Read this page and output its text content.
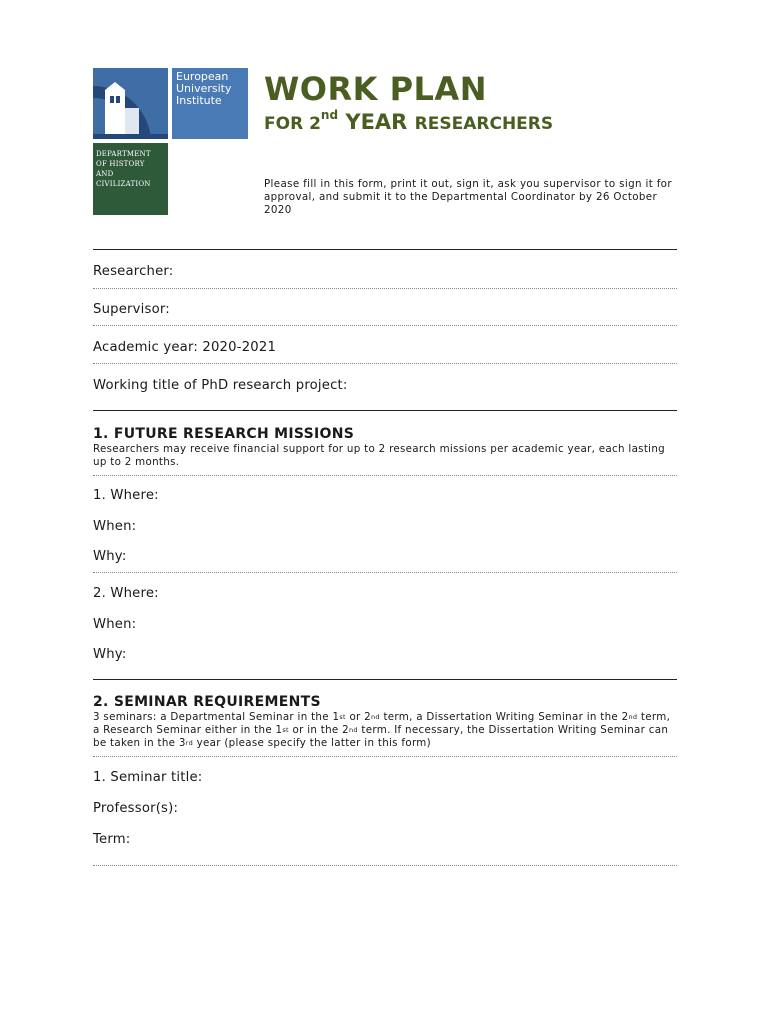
European
University
Institute
DEPARTMENT
OF HISTORY
AND
CIVILIZATION
WORK PLAN

FOR 2nd YEAR RESEARCHERS

Please fill in this form, print it out, sign it, ask you supervisor to sign it for approval, and submit it to the Departmental Coordinator by 26 October 2020

Researcher:

Supervisor:

Academic year: 2020-2021

Working title of PhD research project:

1. FUTURE RESEARCH MISSIONS

Researchers may receive financial support for up to 2 research missions per academic year, each lasting up to 2 months.

1. Where:

When:

Why:

2. Where:

When:

Why:

2. SEMINAR REQUIREMENTS

3 seminars: a Departmental Seminar in the 1st or 2nd term, a Dissertation Writing Seminar in the 2nd term, a Research Seminar either in the 1st or in the 2nd term. If necessary, the Dissertation Writing Seminar can be taken in the 3rd year (please specify the latter in this form)

1. Seminar title:

Professor(s):

Term:
